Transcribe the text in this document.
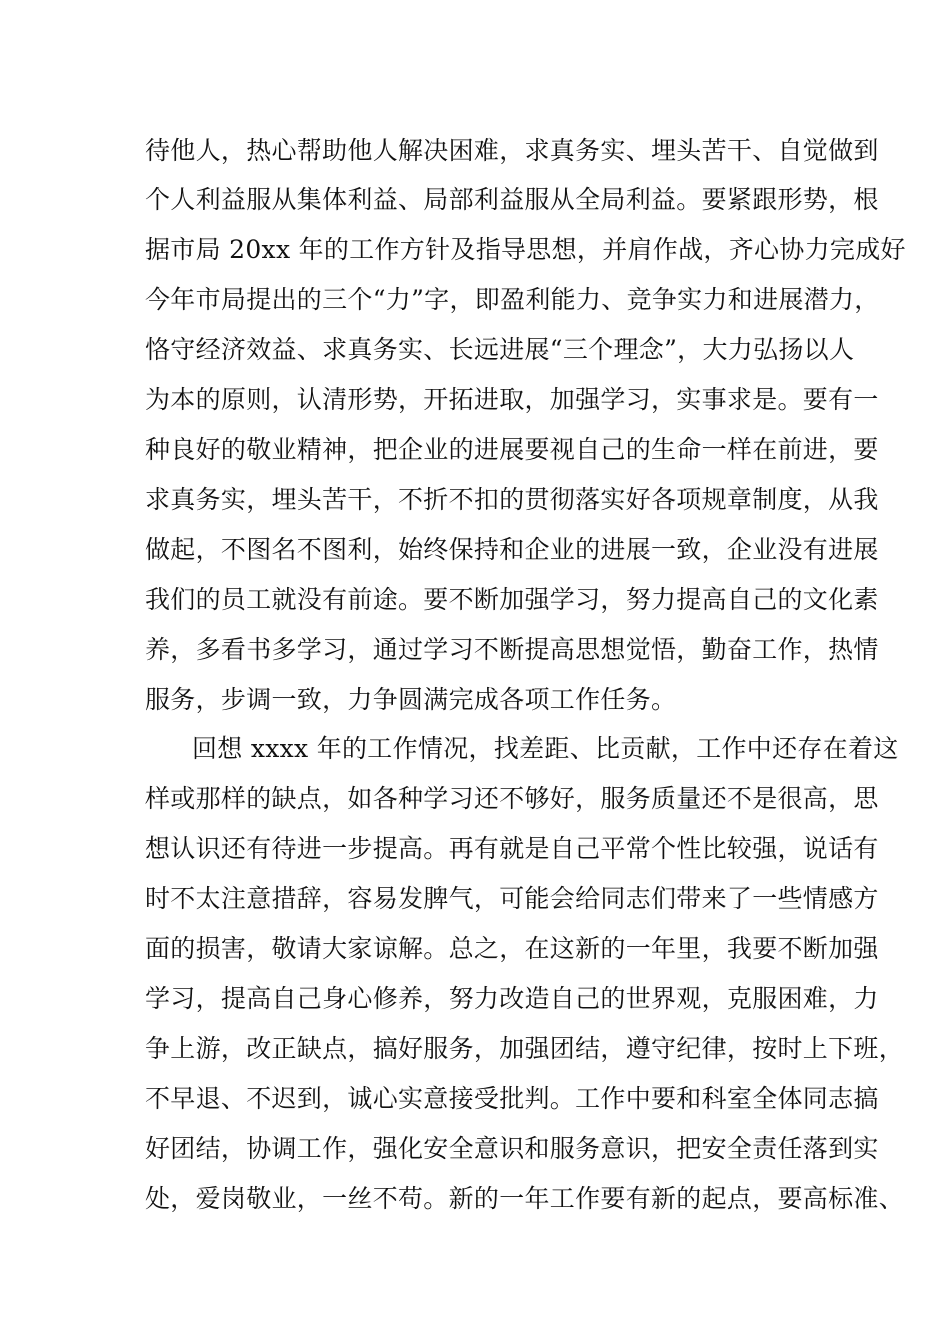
待他人，热心帮助他人解决困难，求真务实、埋头苦干、自觉做到
个人利益服从集体利益、局部利益服从全局利益。要紧跟形势，根
据市局 20xx 年的工作方针及指导思想，并肩作战，齐心协力完成好
今年市局提出的三个“力”字，即盈利能力、竞争实力和进展潜力，
恪守经济效益、求真务实、长远进展“三个理念”，大力弘扬以人
为本的原则，认清形势，开拓进取，加强学习，实事求是。要有一
种良好的敬业精神，把企业的进展要视自己的生命一样在前进，要
求真务实，埋头苦干，不折不扣的贯彻落实好各项规章制度，从我
做起，不图名不图利，始终保持和企业的进展一致，企业没有进展
我们的员工就没有前途。要不断加强学习，努力提高自己的文化素
养，多看书多学习，通过学习不断提高思想觉悟，勤奋工作，热情
服务，步调一致，力争圆满完成各项工作任务。
回想 xxxx 年的工作情况，找差距、比贡献，工作中还存在着这
样或那样的缺点，如各种学习还不够好，服务质量还不是很高，思
想认识还有待进一步提高。再有就是自己平常个性比较强，说话有
时不太注意措辞，容易发脾气，可能会给同志们带来了一些情感方
面的损害，敬请大家谅解。总之，在这新的一年里，我要不断加强
学习，提高自己身心修养，努力改造自己的世界观，克服困难，力
争上游，改正缺点，搞好服务，加强团结，遵守纪律，按时上下班，
不早退、不迟到，诚心实意接受批判。工作中要和科室全体同志搞
好团结，协调工作，强化安全意识和服务意识，把安全责任落到实
处，爱岗敬业，一丝不苟。新的一年工作要有新的起点，要高标准、
